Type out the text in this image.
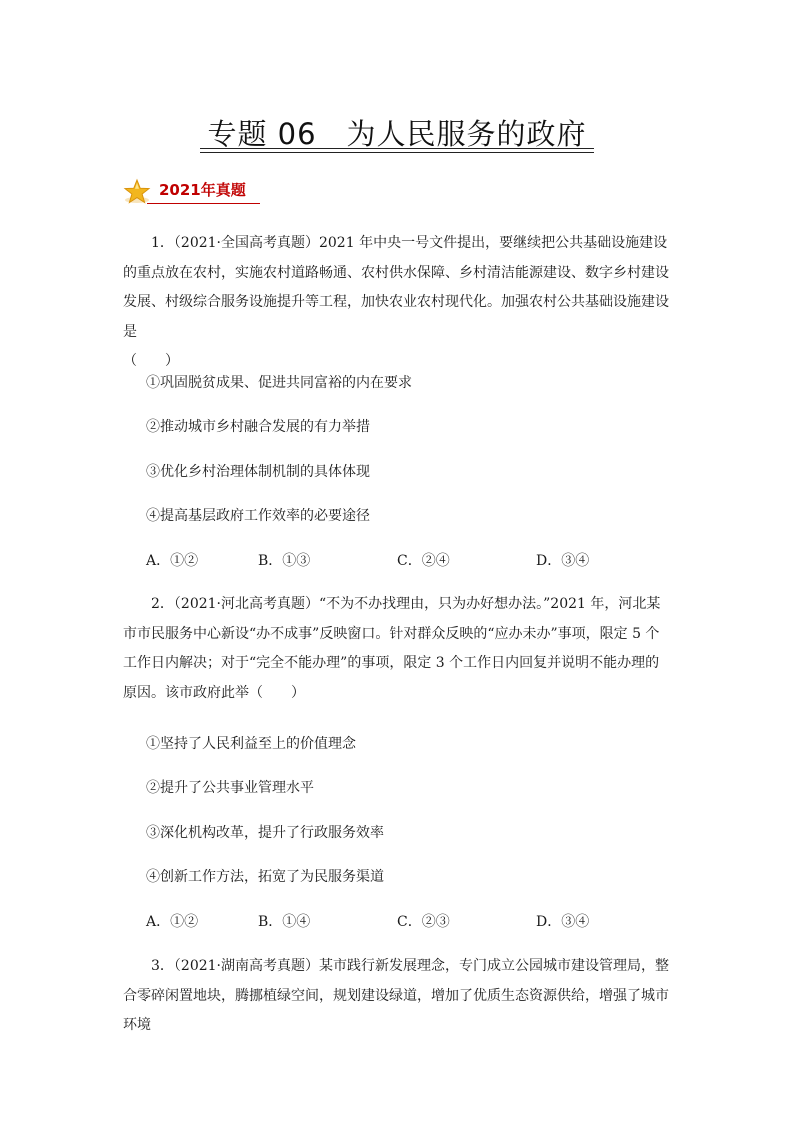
专题 06　为人民服务的政府
2021年真题

1．（2021·全国高考真题）2021 年中央一号文件提出，要继续把公共基础设施建设的重点放在农村，实施农村道路畅通、农村供水保障、乡村清洁能源建设、数字乡村建设发展、村级综合服务设施提升等工程，加快农业农村现代化。加强农村公共基础设施建设是

（　　）

①巩固脱贫成果、促进共同富裕的内在要求
②推动城市乡村融合发展的有力举措
③优化乡村治理体制机制的具体体现
④提高基层政府工作效率的必要途径
A．①②	B．①③	C．②④	D．③④

2．（2021·河北高考真题）“不为不办找理由，只为办好想办法。”2021 年，河北某市市民服务中心新设“办不成事”反映窗口。针对群众反映的“应办未办”事项，限定 5 个工作日内解决；对于“完全不能办理”的事项，限定 3 个工作日内回复并说明不能办理的原因。该市政府此举（　　）

①坚持了人民利益至上的价值理念
②提升了公共事业管理水平
③深化机构改革，提升了行政服务效率
④创新工作方法，拓宽了为民服务渠道
A．①②	B．①④	C．②③	D．③④

3．（2021·湖南高考真题）某市践行新发展理念，专门成立公园城市建设管理局，整合零碎闲置地块，腾挪植绿空间，规划建设绿道，增加了优质生态资源供给，增强了城市环境
